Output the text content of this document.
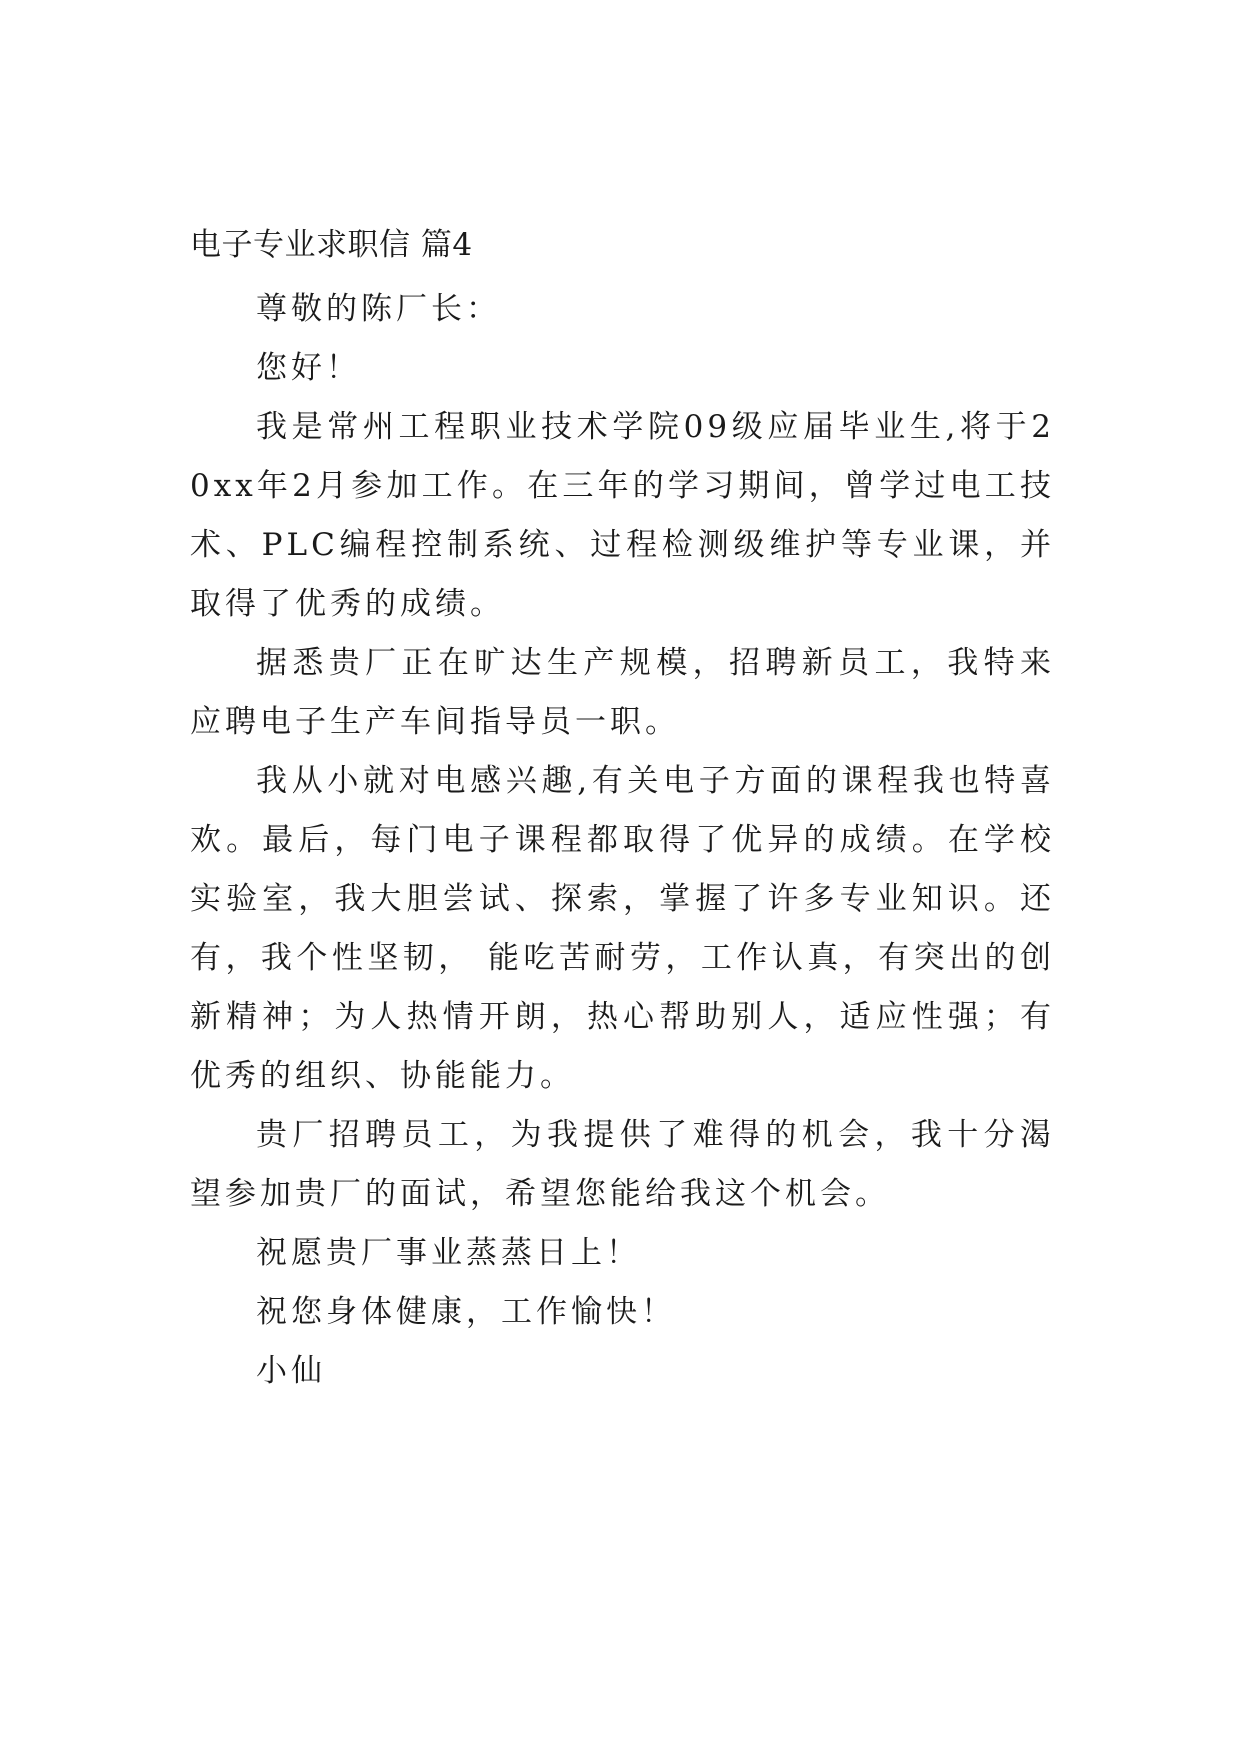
电子专业求职信 篇4

尊敬的陈厂长：

您好！

我是常州工程职业技术学院09级应届毕业生,将于20xx年2月参加工作。在三年的学习期间，曾学过电工技术、PLC编程控制系统、过程检测级维护等专业课，并取得了优秀的成绩。

据悉贵厂正在旷达生产规模，招聘新员工，我特来应聘电子生产车间指导员一职。

我从小就对电感兴趣,有关电子方面的课程我也特喜欢。最后，每门电子课程都取得了优异的成绩。在学校实验室，我大胆尝试、探索，掌握了许多专业知识。还有，我个性坚韧， 能吃苦耐劳，工作认真，有突出的创新精神；为人热情开朗，热心帮助别人，适应性强；有优秀的组织、协能能力。

贵厂招聘员工，为我提供了难得的机会，我十分渴望参加贵厂的面试，希望您能给我这个机会。

祝愿贵厂事业蒸蒸日上！

祝您身体健康，工作愉快！

小仙
